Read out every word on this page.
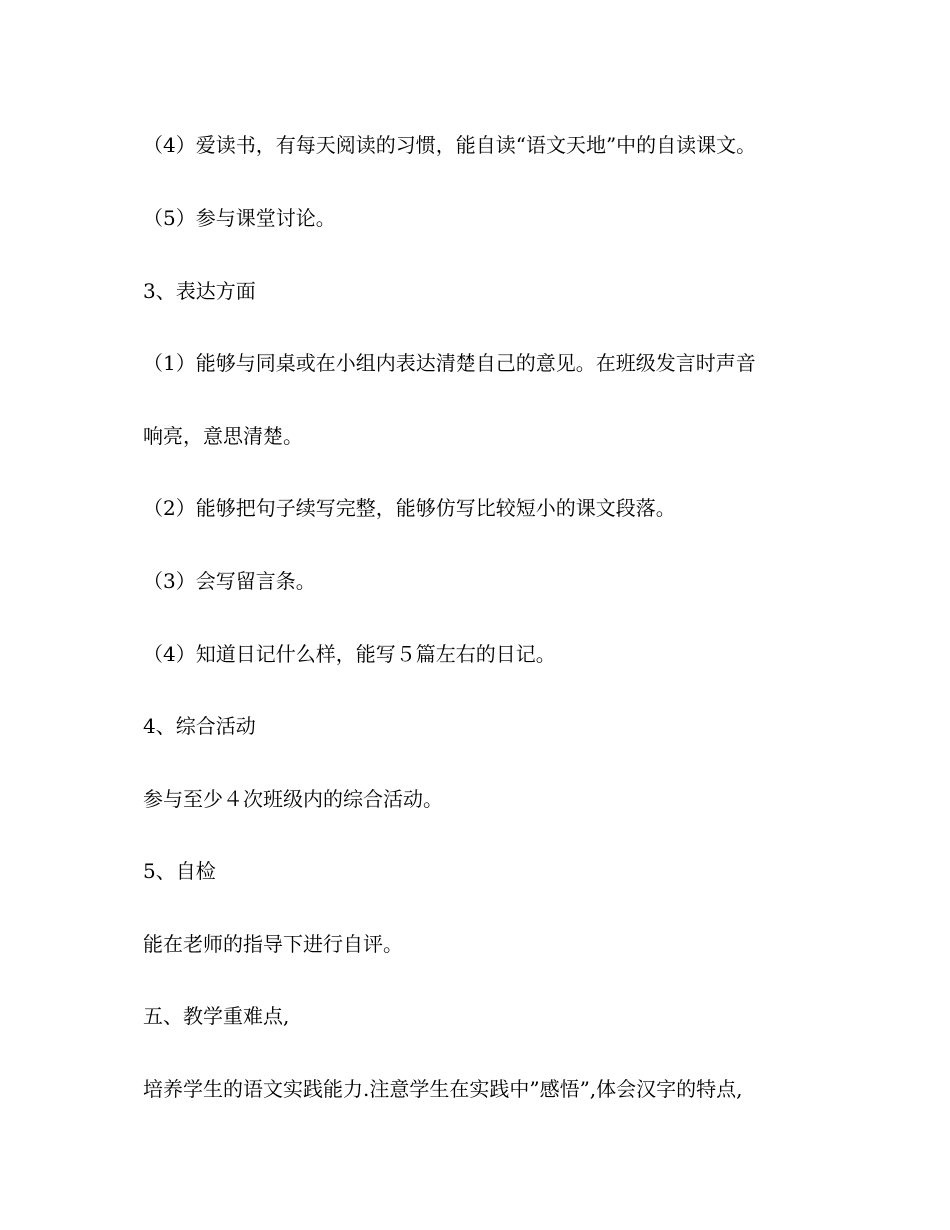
（4）爱读书，有每天阅读的习惯，能自读“语文天地”中的自读课文。
（5）参与课堂讨论。
3、表达方面
（1）能够与同桌或在小组内表达清楚自己的意见。在班级发言时声音
响亮，意思清楚。
（2）能够把句子续写完整，能够仿写比较短小的课文段落。
（3）会写留言条。
（4）知道日记什么样，能写５篇左右的日记。
4、综合活动
参与至少４次班级内的综合活动。
5、自检
能在老师的指导下进行自评。
五、教学重难点,
培养学生的语文实践能力.注意学生在实践中”感悟”,体会汉字的特点,
